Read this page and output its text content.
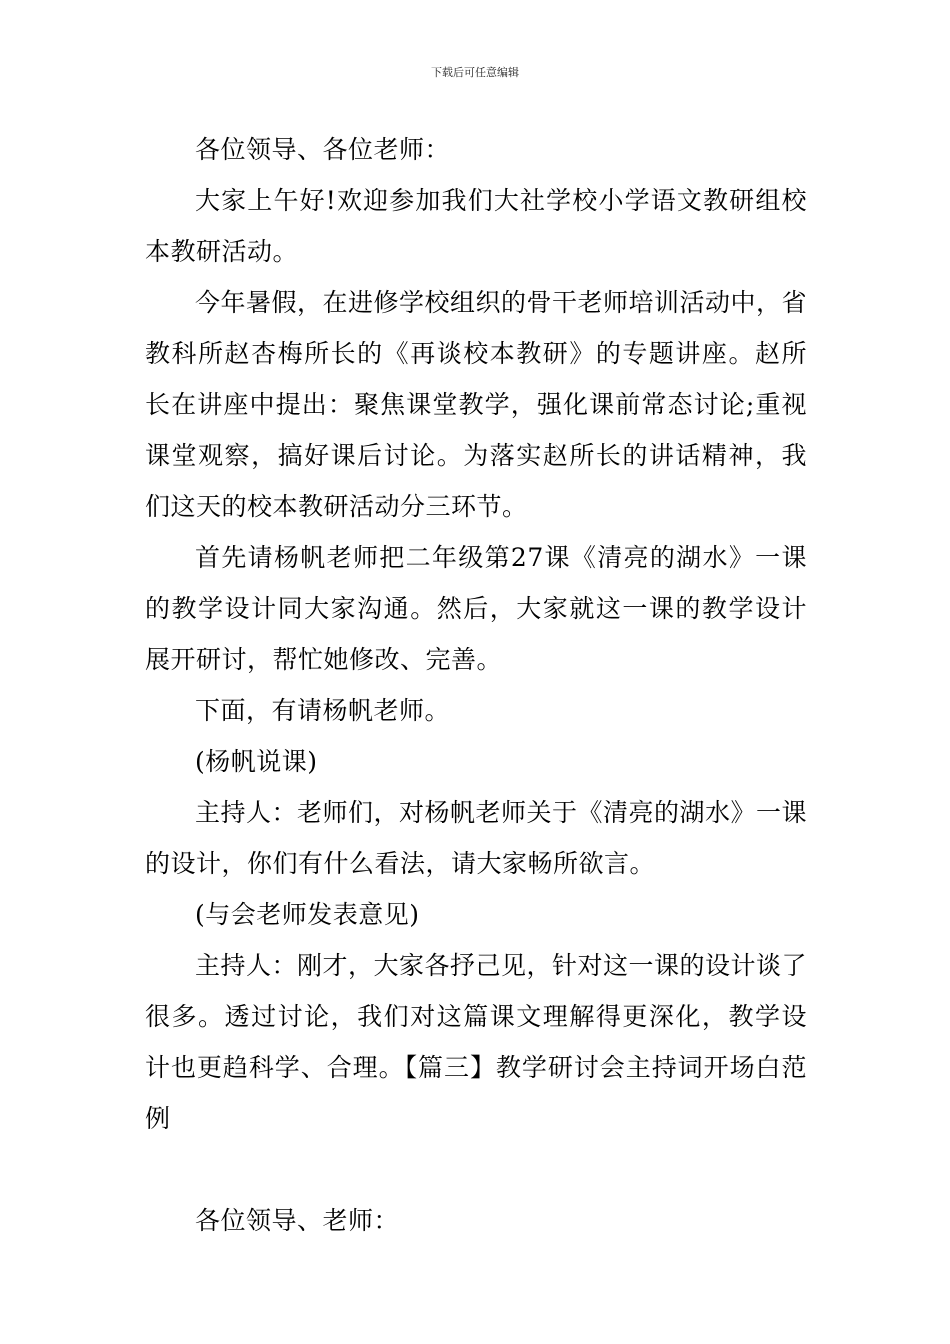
下载后可任意编辑

各位领导、各位老师：

大家上午好!欢迎参加我们大社学校小学语文教研组校本教研活动。

今年暑假，在进修学校组织的骨干老师培训活动中，省教科所赵杏梅所长的《再谈校本教研》的专题讲座。赵所长在讲座中提出：聚焦课堂教学，强化课前常态讨论;重视课堂观察，搞好课后讨论。为落实赵所长的讲话精神，我们这天的校本教研活动分三环节。

首先请杨帆老师把二年级第27课《清亮的湖水》一课的教学设计同大家沟通。然后，大家就这一课的教学设计展开研讨，帮忙她修改、完善。

下面，有请杨帆老师。

(杨帆说课)

主持人：老师们，对杨帆老师关于《清亮的湖水》一课的设计，你们有什么看法，请大家畅所欲言。

(与会老师发表意见)

主持人：刚才，大家各抒己见，针对这一课的设计谈了很多。透过讨论，我们对这篇课文理解得更深化，教学设计也更趋科学、合理。【篇三】教学研讨会主持词开场白范例

各位领导、老师：
